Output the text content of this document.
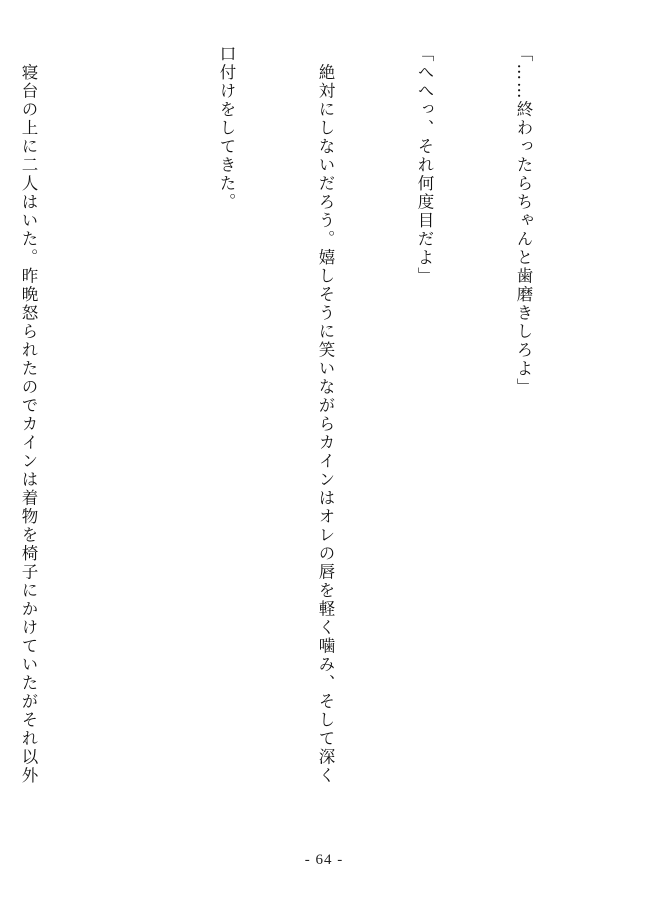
「……終わったらちゃんと歯磨きしろよ」

「へへっ、それ何度目だよ」

　絶対にしないだろう。嬉しそうに笑いながらカインはオレの唇を軽く噛み、そして深く

口付けをしてきた。

　寝台の上に二人はいた。昨晩怒られたのでカインは着物を椅子にかけていたがそれ以外

- 64 -
